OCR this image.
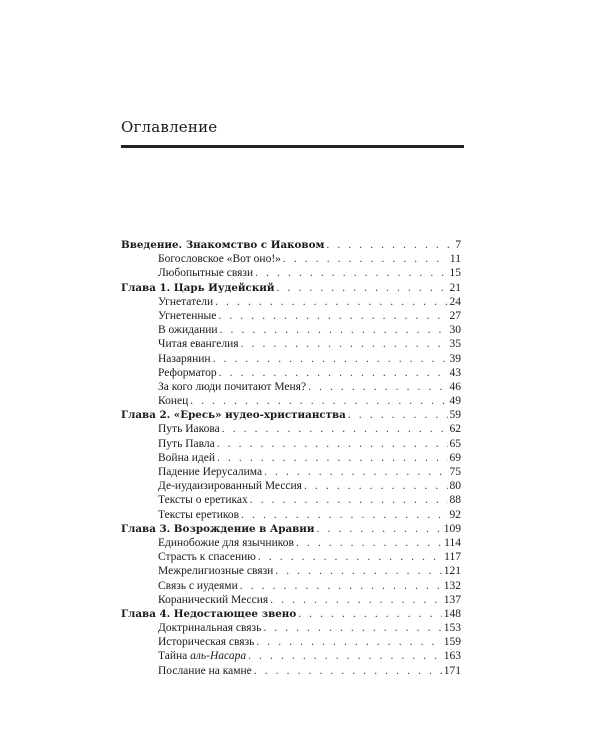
Оглавление
Введение. Знакомство с Иаковом . . .	7
Богословское «Вот оно!» . . .	11
Любопытные связи . . .	15
Глава 1. Царь Иудейский . . .	21
Угнетатели . . .	24
Угнетенные . . .	27
В ожидании . . .	30
Читая евангелия . . .	35
Назарянин . . .	39
Реформатор . . .	43
За кого люди почитают Меня? . . .	46
Конец . . .	49
Глава 2. «Ересь» иудео-христианства . . .	59
Путь Иакова . . .	62
Путь Павла . . .	65
Война идей . . .	69
Падение Иерусалима . . .	75
Де-иудаизированный Мессия . . .	80
Тексты о еретиках . . .	88
Тексты еретиков . . .	92
Глава 3. Возрождение в Аравии . . .	109
Единобожие для язычников . . .	114
Страсть к спасению . . .	117
Межрелигиозные связи . . .	121
Связь с иудеями . . .	132
Коранический Мессия . . .	137
Глава 4. Недостающее звено . . .	148
Доктринальная связь . . .	153
Историческая связь . . .	159
Тайна аль-Насара . . .	163
Послание на камне . . .	171
